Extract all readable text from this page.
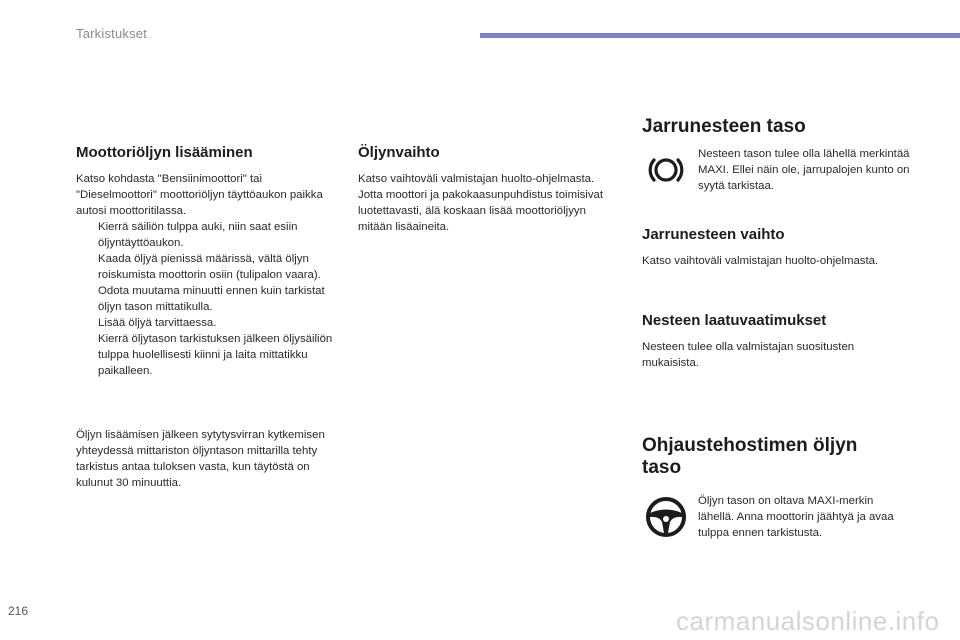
Tarkistukset
Moottoriöljyn lisääminen

Katso kohdasta "Bensiinimoottori" tai "Dieselmoottori" moottoriöljyn täyttöaukon paikka autosi moottoritilassa.

Kierrä säiliön tulppa auki, niin saat esiin öljyntäyttöaukon.
Kaada öljyä pienissä määrissä, vältä öljyn roiskumista moottorin osiin (tulipalon vaara).
Odota muutama minuutti ennen kuin tarkistat öljyn tason mittatikulla.
Lisää öljyä tarvittaessa.
Kierrä öljytason tarkistuksen jälkeen öljysäiliön tulppa huolellisesti kiinni ja laita mittatikku paikalleen.

Öljyn lisäämisen jälkeen sytytysvirran kytkemisen yhteydessä mittariston öljyntason mittarilla tehty tarkistus antaa tuloksen vasta, kun täytöstä on kulunut 30 minuuttia.

Öljynvaihto

Katso vaihtoväli valmistajan huolto-ohjelmasta. Jotta moottori ja pakokaasunpuhdistus toimisivat luotettavasti, älä koskaan lisää moottoriöljyyn mitään lisäaineita.

Jarrunesteen taso
Nesteen tason tulee olla lähellä merkintää MAXI. Ellei näin ole, jarrupalojen kunto on syytä tarkistaa.
Jarrunesteen vaihto

Katso vaihtoväli valmistajan huolto-ohjelmasta.

Nesteen laatuvaatimukset

Nesteen tulee olla valmistajan suositusten mukaisista.

Ohjaustehostimen öljyn
taso
Öljyn tason on oltava MAXI-merkin lähellä. Anna moottorin jäähtyä ja avaa tulppa ennen tarkistusta.
216	carmanualsonline.info
